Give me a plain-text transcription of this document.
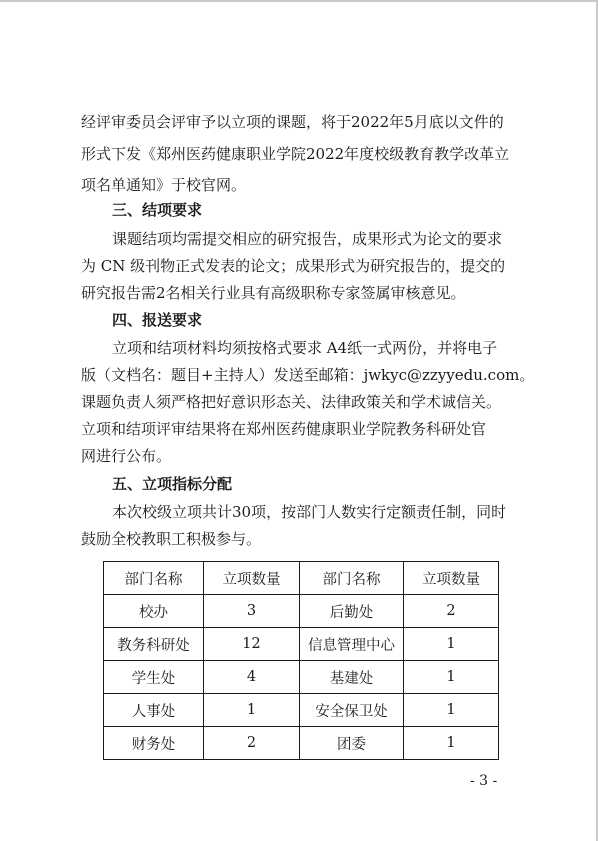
经评审委员会评审予以立项的课题，将于2022年5月底以文件的
形式下发《郑州医药健康职业学院2022年度校级教育教学改革立
项名单通知》于校官网。
三、结项要求
课题结项均需提交相应的研究报告，成果形式为论文的要求
为 CN 级刊物正式发表的论文；成果形式为研究报告的，提交的
研究报告需2名相关行业具有高级职称专家签属审核意见。
四、报送要求
立项和结项材料均须按格式要求 A4纸一式两份，并将电子
版（文档名：题目+主持人）发送至邮箱：jwkyc@zzyyedu.com。
课题负责人须严格把好意识形态关、法律政策关和学术诚信关。
立项和结项评审结果将在郑州医药健康职业学院教务科研处官
网进行公布。
五、立项指标分配
本次校级立项共计30项，按部门人数实行定额责任制，同时
鼓励全校教职工积极参与。
部门名称	立项数量	部门名称	立项数量
校办	3	后勤处	2
教务科研处	12	信息管理中心	1
学生处	4	基建处	1
人事处	1	安全保卫处	1
财务处	2	团委	1
- 3 -
